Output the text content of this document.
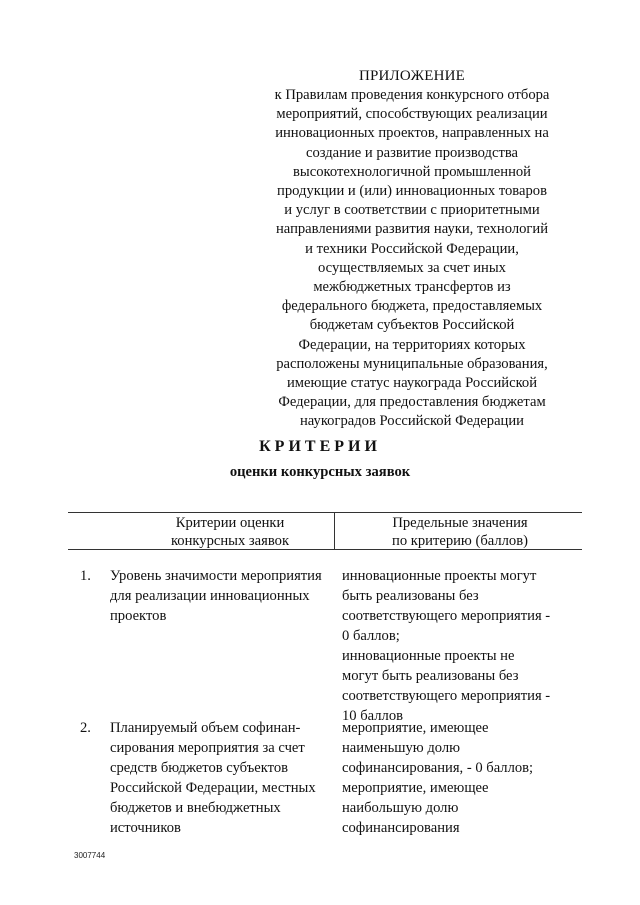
ПРИЛОЖЕНИЕ
к Правилам проведения конкурсного отбора
мероприятий, способствующих реализации
инновационных проектов, направленных на
создание и развитие производства
высокотехнологичной промышленной
продукции и (или) инновационных товаров
и услуг в соответствии с приоритетными
направлениями развития науки, технологий
и техники Российской Федерации,
осуществляемых за счет иных
межбюджетных трансфертов из
федерального бюджета, предоставляемых
бюджетам субъектов Российской
Федерации, на территориях которых
расположены муниципальные образования,
имеющие статус наукограда Российской
Федерации, для предоставления бюджетам
наукоградов Российской Федерации
КРИТЕРИИ
оценки конкурсных заявок
Критерии оценки
конкурсных заявок
Предельные значения
по критерию (баллов)
1. Уровень значимости мероприятия
для реализации инновационных
проектов
инновационные проекты могут
быть реализованы без
соответствующего мероприятия -
0 баллов;
инновационные проекты не
могут быть реализованы без
соответствующего мероприятия -
10 баллов
2. Планируемый объем софинан-
сирования мероприятия за счет
средств бюджетов субъектов
Российской Федерации, местных
бюджетов и внебюджетных
источников
мероприятие, имеющее
наименьшую долю
софинансирования, - 0 баллов;
мероприятие, имеющее
наибольшую долю
софинансирования
3007744
